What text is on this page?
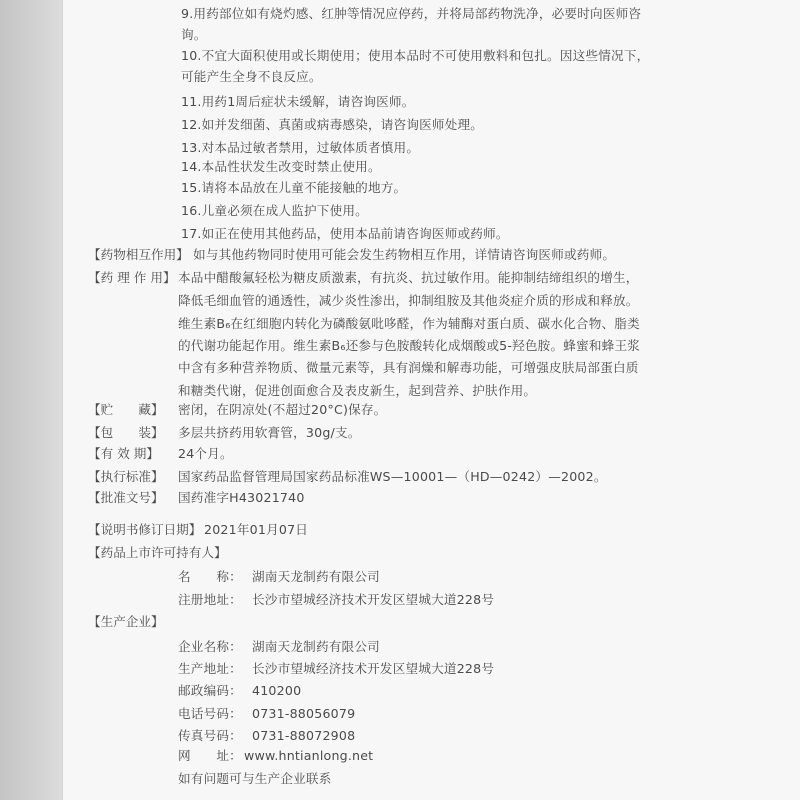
9.用药部位如有烧灼感、红肿等情况应停药，并将局部药物洗净，必要时向医师咨
询。
10.不宜大面积使用或长期使用；使用本品时不可使用敷料和包扎。因这些情况下，
可能产生全身不良反应。
11.用药1周后症状未缓解，请咨询医师。
12.如并发细菌、真菌或病毒感染，请咨询医师处理。
13.对本品过敏者禁用，过敏体质者慎用。
14.本品性状发生改变时禁止使用。
15.请将本品放在儿童不能接触的地方。
16.儿童必须在成人监护下使用。
17.如正在使用其他药品，使用本品前请咨询医师或药师。
【药物相互作用】 如与其他药物同时使用可能会发生药物相互作用，详情请咨询医师或药师。
【药 理 作 用】 本品中醋酸氟轻松为糖皮质激素，有抗炎、抗过敏作用。能抑制结缔组织的增生，
降低毛细血管的通透性，减少炎性渗出，抑制组胺及其他炎症介质的形成和释放。
维生素B₆在红细胞内转化为磷酸氨吡哆醛，作为辅酶对蛋白质、碳水化合物、脂类
的代谢功能起作用。维生素B₆还参与色胺酸转化成烟酸或5-羟色胺。蜂蜜和蜂王浆
中含有多种营养物质、微量元素等，具有润燥和解毒功能，可增强皮肤局部蛋白质
和糖类代谢，促进创面愈合及表皮新生，起到营养、护肤作用。
【贮　　藏】 密闭，在阴凉处(不超过20°C)保存。
【包　　装】 多层共挤药用软膏管，30g/支。
【有 效 期】 24个月。
【执行标准】 国家药品监督管理局国家药品标准WS—10001—（HD—0242）—2002。
【批准文号】 国药准字H43021740
【说明书修订日期】 2021年01月07日
【药品上市许可持有人】
名　　称： 湖南天龙制药有限公司
注册地址： 长沙市望城经济技术开发区望城大道228号
【生产企业】
企业名称： 湖南天龙制药有限公司
生产地址： 长沙市望城经济技术开发区望城大道228号
邮政编码： 410200
电话号码： 0731-88056079
传真号码： 0731-88072908
网　　址： www.hntianlong.net
如有问题可与生产企业联系
